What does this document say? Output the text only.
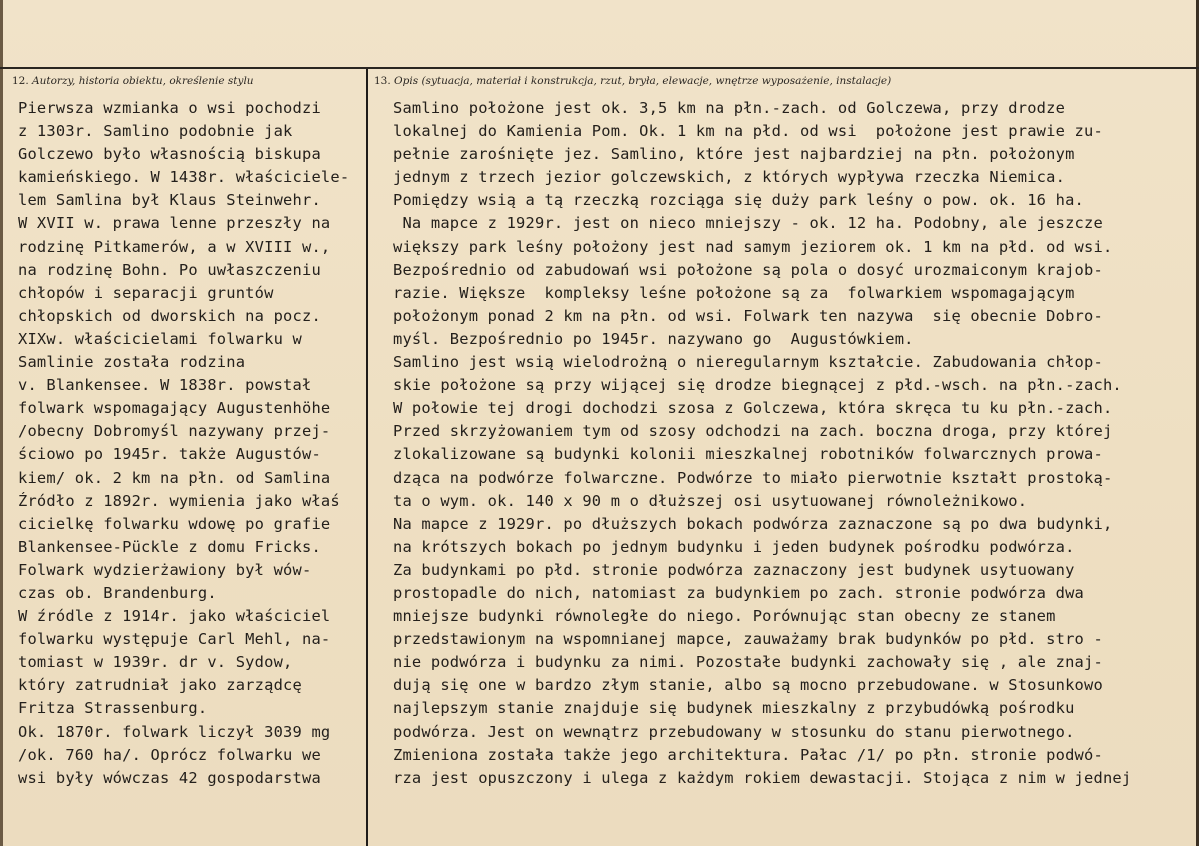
12. Autorzy, historia obiektu, określenie stylu	13. Opis (sytuacja, materiał i konstrukcja, rzut, bryła, elewacje, wnętrze wyposażenie, instalacje)
Pierwsza wzmianka o wsi pochodzi
z 1303r. Samlino podobnie jak
Golczewo było własnością biskupa
kamieńskiego. W 1438r. właściciele-
lem Samlina był Klaus Steinwehr.
W XVII w. prawa lenne przeszły na
rodzinę Pitkamerów, a w XVIII w.,
na rodzinę Bohn. Po uwłaszczeniu
chłopów i separacji gruntów
chłopskich od dworskich na pocz.
XIXw. właścicielami folwarku w
Samlinie została rodzina
v. Blankensee. W 1838r. powstał
folwark wspomagający Augustenhöhe
/obecny Dobromyśl nazywany przej-
ściowo po 1945r. także Augustów-
kiem/ ok. 2 km na płn. od Samlina
Źródło z 1892r. wymienia jako właś
cicielkę folwarku wdowę po grafie
Blankensee-Pückle z domu Fricks.
Folwark wydzierżawiony był wów-
czas ob. Brandenburg.
W źródle z 1914r. jako właściciel
folwarku występuje Carl Mehl, na-
tomiast w 1939r. dr v. Sydow,
który zatrudniał jako zarządcę
Fritza Strassenburg.
Ok. 1870r. folwark liczył 3039 mg
/ok. 760 ha/. Oprócz folwarku we
wsi były wówczas 42 gospodarstwa
Samlino położone jest ok. 3,5 km na płn.-zach. od Golczewa, przy drodze
lokalnej do Kamienia Pom. Ok. 1 km na płd. od wsi  położone jest prawie zu-
pełnie zarośnięte jez. Samlino, które jest najbardziej na płn. położonym
jednym z trzech jezior golczewskich, z których wypływa rzeczka Niemica.
Pomiędzy wsią a tą rzeczką rozciąga się duży park leśny o pow. ok. 16 ha.
Na mapce z 1929r. jest on nieco mniejszy - ok. 12 ha. Podobny, ale jeszcze
większy park leśny położony jest nad samym jeziorem ok. 1 km na płd. od wsi.
Bezpośrednio od zabudowań wsi położone są pola o dosyć urozmaiconym krajob-
razie. Większe  kompleksy leśne położone są za  folwarkiem wspomagającym
położonym ponad 2 km na płn. od wsi. Folwark ten nazywa  się obecnie Dobro-
myśl. Bezpośrednio po 1945r. nazywano go  Augustówkiem.
Samlino jest wsią wielodrożną o nieregularnym kształcie. Zabudowania chłop-
skie położone są przy wijącej się drodze biegnącej z płd.-wsch. na płn.-zach.
W połowie tej drogi dochodzi szosa z Golczewa, która skręca tu ku płn.-zach.
Przed skrzyżowaniem tym od szosy odchodzi na zach. boczna droga, przy której
zlokalizowane są budynki kolonii mieszkalnej robotników folwarcznych prowa-
dząca na podwórze folwarczne. Podwórze to miało pierwotnie kształt prostoką-
ta o wym. ok. 140 x 90 m o dłuższej osi usytuowanej równoleżnikowo.
Na mapce z 1929r. po dłuższych bokach podwórza zaznaczone są po dwa budynki,
na krótszych bokach po jednym budynku i jeden budynek pośrodku podwórza.
Za budynkami po płd. stronie podwórza zaznaczony jest budynek usytuowany
prostopadle do nich, natomiast za budynkiem po zach. stronie podwórza dwa
mniejsze budynki równoległe do niego. Porównując stan obecny ze stanem
przedstawionym na wspomnianej mapce, zauważamy brak budynków po płd. stro -
nie podwórza i budynku za nimi. Pozostałe budynki zachowały się , ale znaj-
dują się one w bardzo złym stanie, albo są mocno przebudowane. w Stosunkowo
najlepszym stanie znajduje się budynek mieszkalny z przybudówką pośrodku
podwórza. Jest on wewnątrz przebudowany w stosunku do stanu pierwotnego.
Zmieniona została także jego architektura. Pałac /1/ po płn. stronie podwó-
rza jest opuszczony i ulega z każdym rokiem dewastacji. Stojąca z nim w jednej
